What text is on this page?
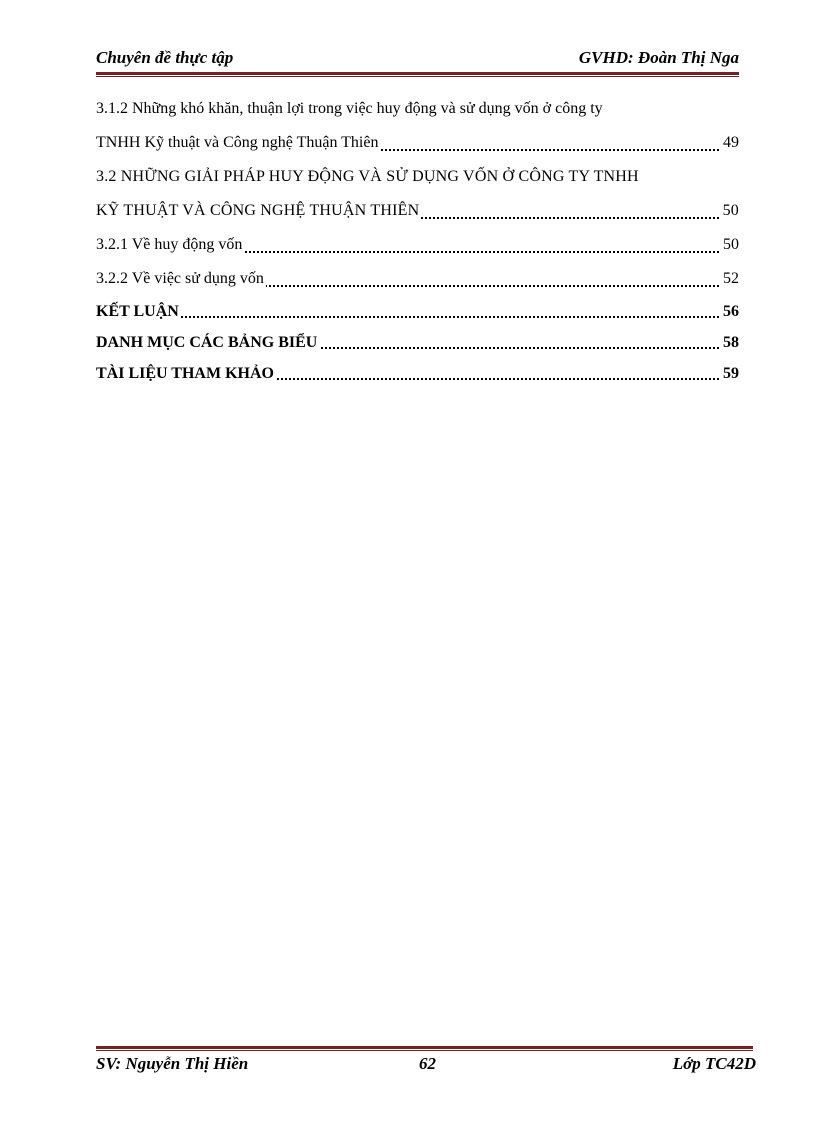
Chuyên đề thực tập	GVHD: Đoàn Thị Nga
3.1.2 Những khó khăn, thuận lợi trong việc huy động và sử dụng vốn ở công ty
TNHH Kỹ thuật và Công nghệ Thuận Thiên	49
3.2 NHỮNG GIẢI PHÁP HUY ĐỘNG VÀ SỬ DỤNG VỐN Ở CÔNG TY TNHH
KỸ THUẬT VÀ CÔNG NGHỆ THUẬN THIÊN	50
3.2.1 Về huy động vốn	50
3.2.2 Về việc sử dụng vốn	52
KẾT LUẬN	56
DANH MỤC CÁC BẢNG BIỂU	58
TÀI LIỆU THAM KHẢO	59
SV: Nguyễn Thị Hiền	62	Lớp TC42D
